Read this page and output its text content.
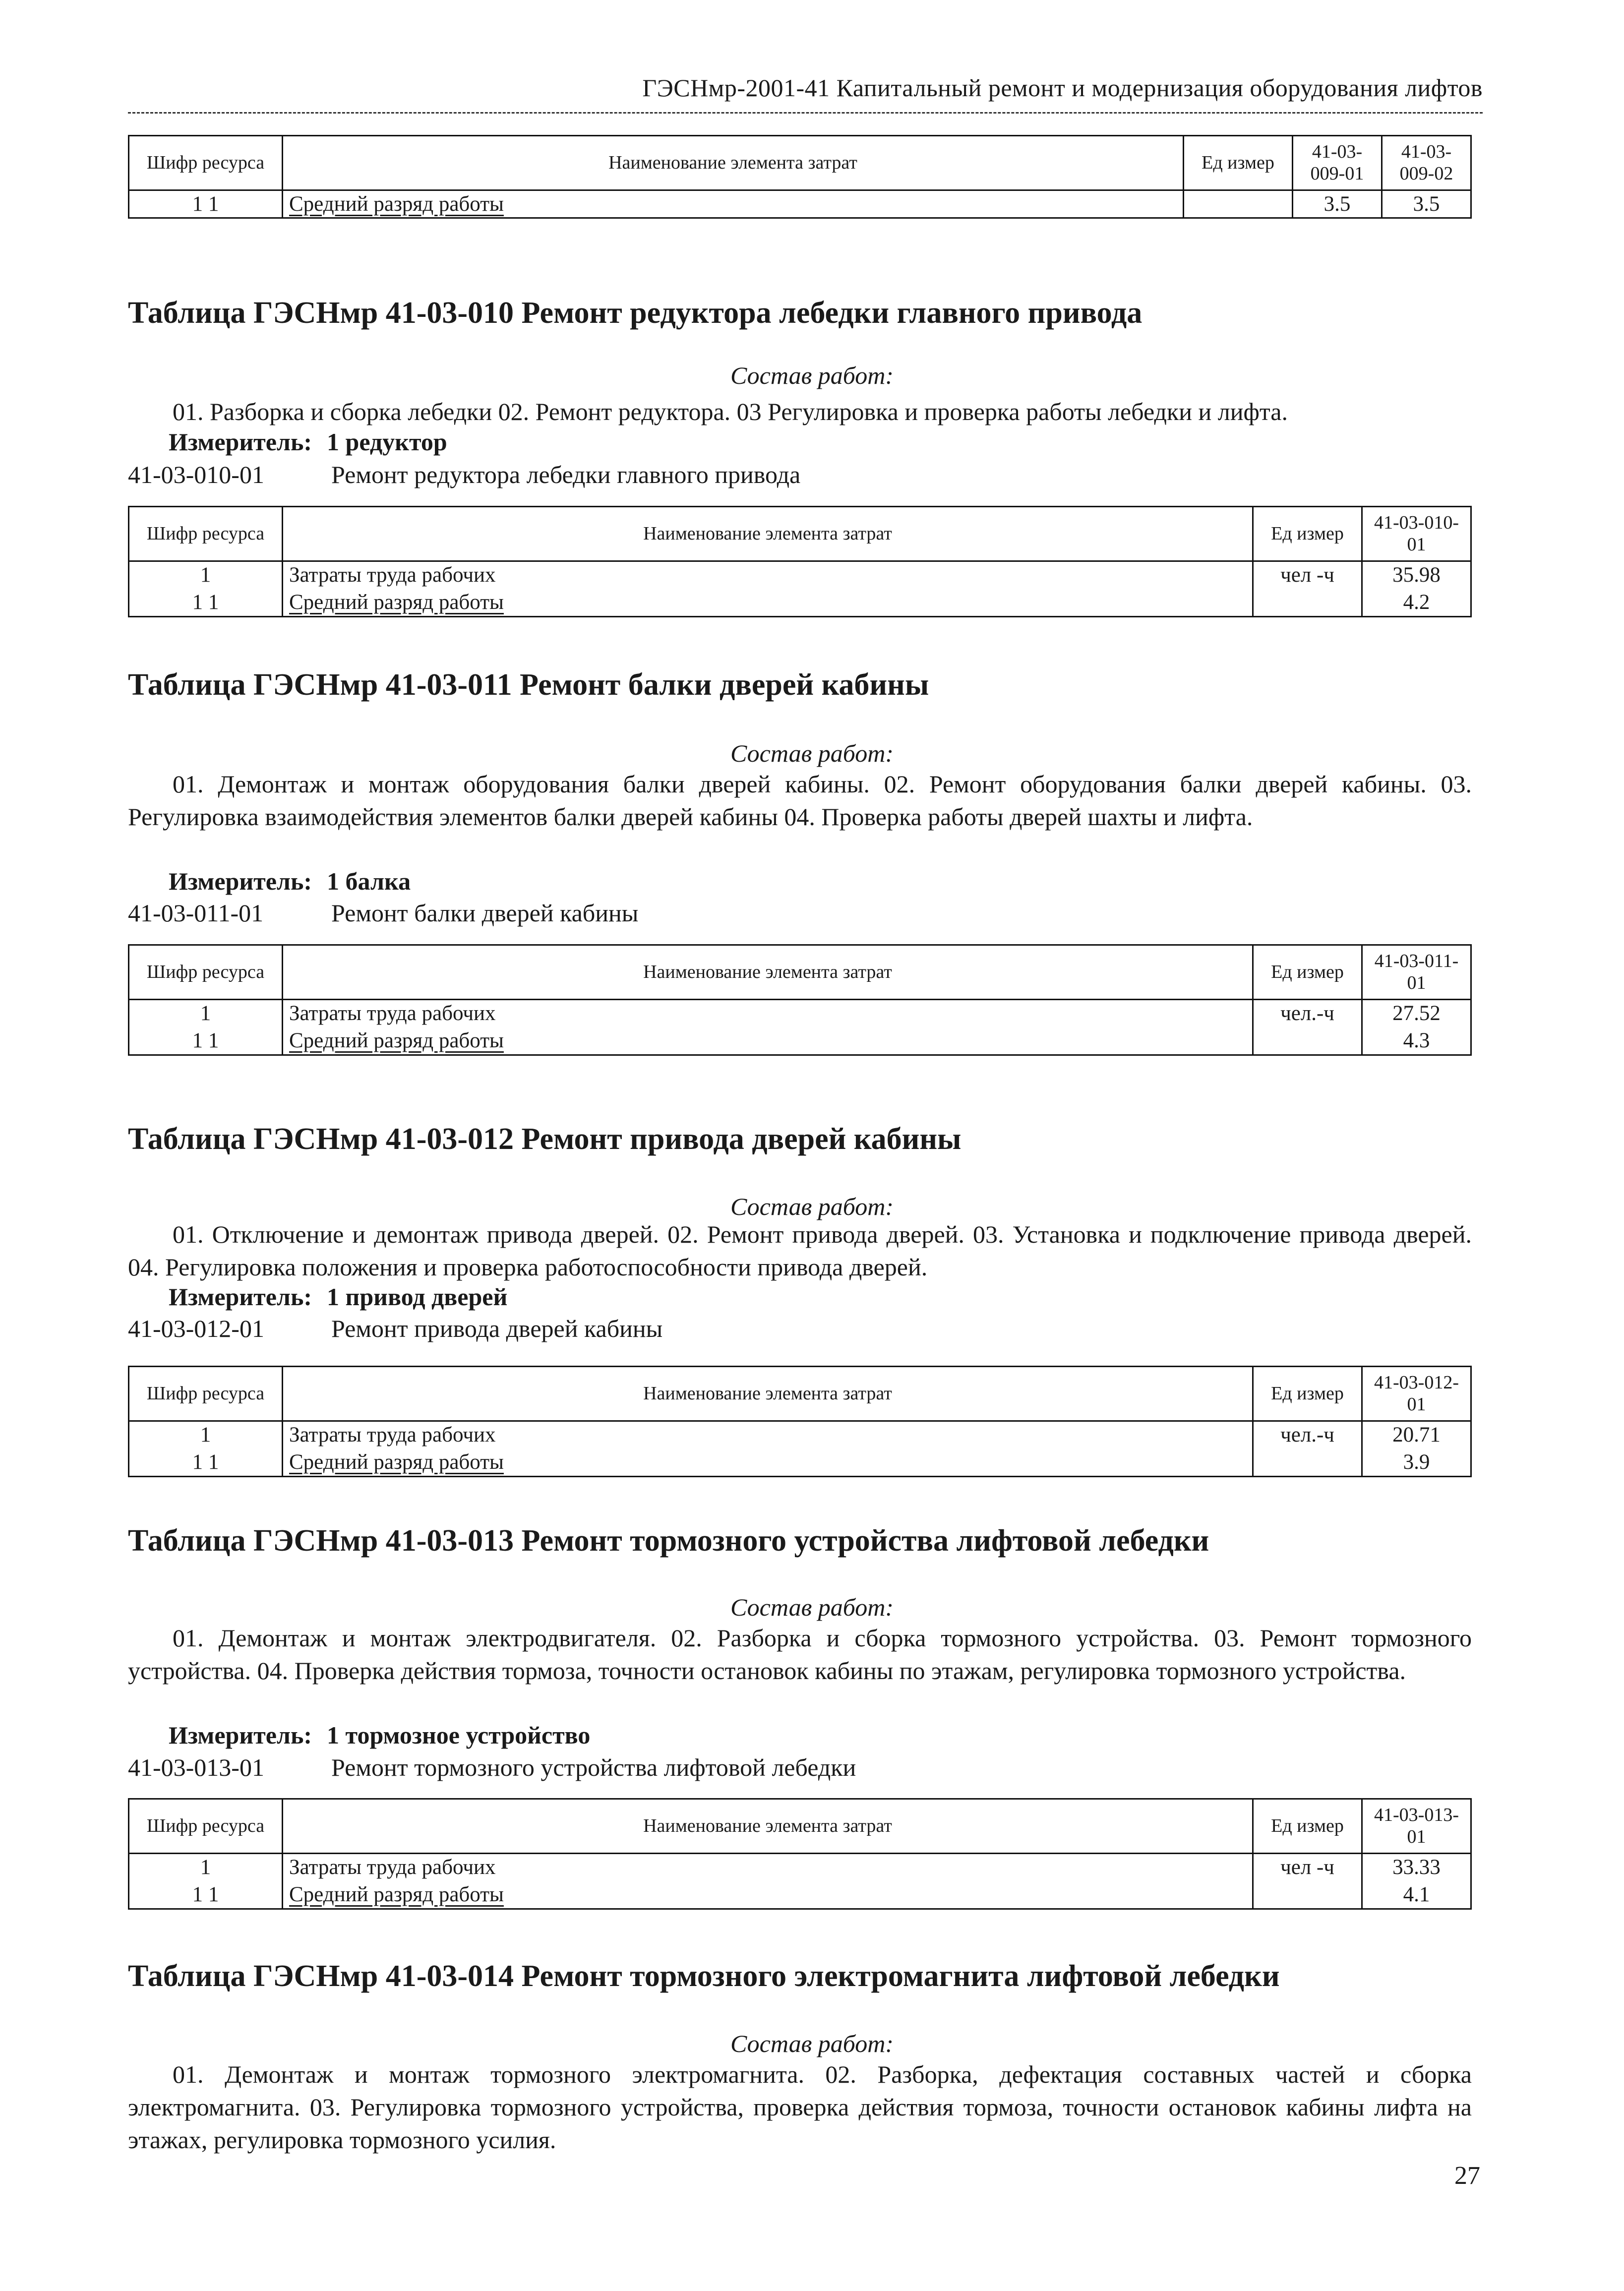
ГЭСНмр-2001-41 Капитальный ремонт и модернизация оборудования лифтов
Шифр ресурса	Наименование элемента затрат	Ед измер	41-03-009-01	41-03-009-02
1 1	Средний разряд работы		3.5	3.5
Таблица ГЭСНмр 41-03-010 Ремонт редуктора лебедки главного привода
Состав работ:
01. Разборка и сборка лебедки 02. Ремонт редуктора. 03 Регулировка и проверка работы лебедки и лифта.
Измеритель: 1 редуктор
41-03-010-01	Ремонт редуктора лебедки главного привода
Шифр ресурса	Наименование элемента затрат	Ед измер	41-03-010-01
1	Затраты труда рабочих	чел -ч	35.98
1 1	Средний разряд работы		4.2
Таблица ГЭСНмр 41-03-011 Ремонт балки дверей кабины
Состав работ:
01. Демонтаж и монтаж оборудования балки дверей кабины. 02. Ремонт оборудования балки дверей кабины. 03. Регулировка взаимодействия элементов балки дверей кабины 04. Проверка работы дверей шахты и лифта.
Измеритель: 1 балка
41-03-011-01	Ремонт балки дверей кабины
Шифр ресурса	Наименование элемента затрат	Ед измер	41-03-011-01
1	Затраты труда рабочих	чел.-ч	27.52
1 1	Средний разряд работы		4.3
Таблица ГЭСНмр 41-03-012 Ремонт привода дверей кабины
Состав работ:
01. Отключение и демонтаж привода дверей. 02. Ремонт привода дверей. 03. Установка и подключение привода дверей. 04. Регулировка положения и проверка работоспособности привода дверей.
Измеритель: 1 привод дверей
41-03-012-01	Ремонт привода дверей кабины
Шифр ресурса	Наименование элемента затрат	Ед измер	41-03-012-01
1	Затраты труда рабочих	чел.-ч	20.71
1 1	Средний разряд работы		3.9
Таблица ГЭСНмр 41-03-013 Ремонт тормозного устройства лифтовой лебедки
Состав работ:
01. Демонтаж и монтаж электродвигателя. 02. Разборка и сборка тормозного устройства. 03. Ремонт тормозного устройства. 04. Проверка действия тормоза, точности остановок кабины по этажам, регулировка тормозного устройства.
Измеритель: 1 тормозное устройство
41-03-013-01	Ремонт тормозного устройства лифтовой лебедки
Шифр ресурса	Наименование элемента затрат	Ед измер	41-03-013-01
1	Затраты труда рабочих	чел -ч	33.33
1 1	Средний разряд работы		4.1
Таблица ГЭСНмр 41-03-014 Ремонт тормозного электромагнита лифтовой лебедки
Состав работ:
01. Демонтаж и монтаж тормозного электромагнита. 02. Разборка, дефектация составных частей и сборка электромагнита. 03. Регулировка тормозного устройства, проверка действия тормоза, точности остановок кабины лифта на этажах, регулировка тормозного усилия.
27
